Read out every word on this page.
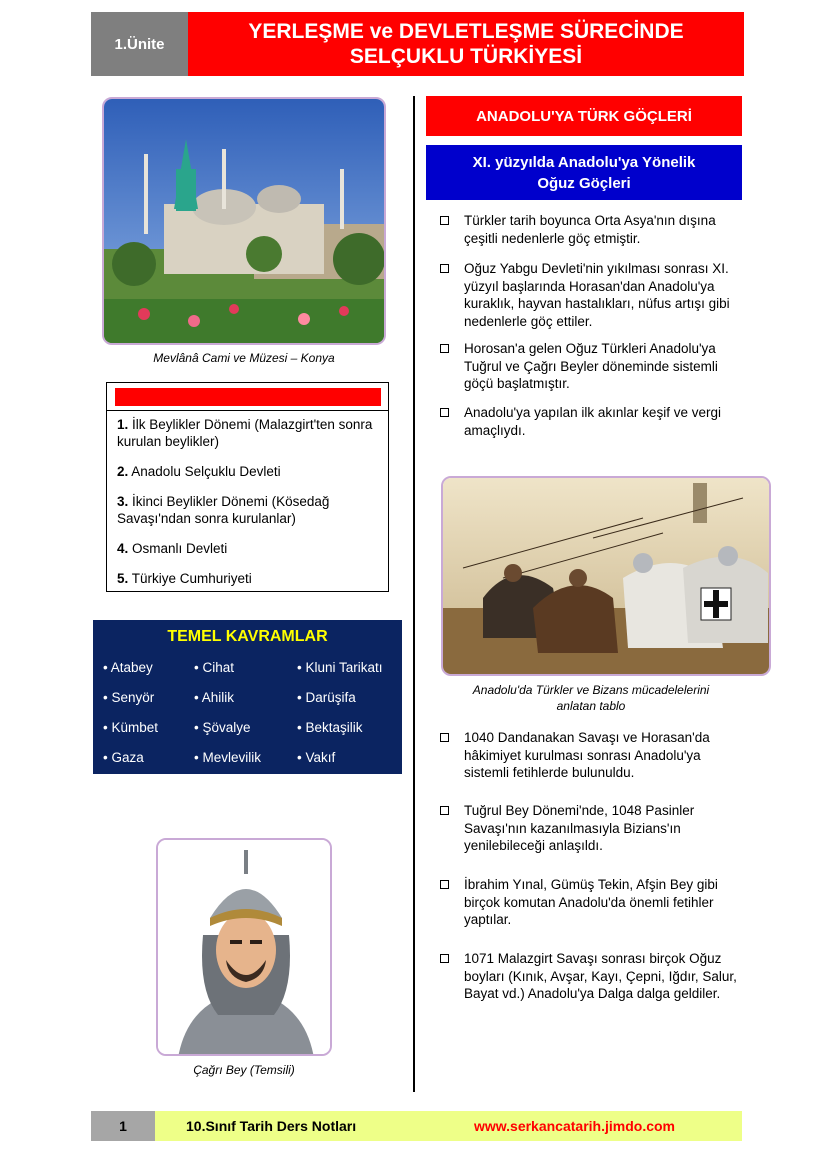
1.Ünite
YERLEŞME ve DEVLETLEŞME SÜRECİNDE
SELÇUKLU TÜRKİYESİ
Mevlânâ Cami ve Müzesi – Konya
1. İlk Beylikler Dönemi (Malazgirt'ten sonra kurulan beylikler)
2. Anadolu Selçuklu Devleti
3. İkinci Beylikler Dönemi (Kösedağ Savaşı'ndan sonra kurulanlar)
4. Osmanlı Devleti
5. Türkiye Cumhuriyeti
TEMEL KAVRAMLAR
• Atabey
• Senyör
• Kümbet
• Gaza
• Cihat
• Ahilik
• Şövalye
• Mevlevilik
• Kluni Tarikatı
• Darüşifa
• Bektaşilik
• Vakıf
Çağrı Bey (Temsili)
ANADOLU'YA TÜRK GÖÇLERİ
XI. yüzyılda Anadolu'ya Yönelik
Oğuz Göçleri
Türkler tarih boyunca Orta Asya'nın dışına çeşitli nedenlerle göç etmiştir.
Oğuz Yabgu Devleti'nin yıkılması sonrası XI. yüzyıl başlarında Horasan'dan Anadolu'ya kuraklık, hayvan hastalıkları, nüfus artışı gibi nedenlerle göç ettiler.
Horosan'a gelen Oğuz Türkleri Anadolu'ya Tuğrul ve Çağrı Beyler döneminde sistemli göçü başlatmıştır.
Anadolu'ya yapılan ilk akınlar keşif ve vergi amaçlıydı.
Anadolu'da Türkler ve Bizans mücadelelerini
anlatan tablo
1040 Dandanakan Savaşı ve Horasan'da hâkimiyet kurulması sonrası Anadolu'ya sistemli fetihlerde bulunuldu.
Tuğrul Bey Dönemi'nde, 1048 Pasinler Savaşı'nın kazanılmasıyla Bizians'ın yenilebileceği anlaşıldı.
İbrahim Yınal, Gümüş Tekin, Afşin Bey gibi birçok komutan Anadolu'da önemli fetihler yaptılar.
1071 Malazgirt Savaşı sonrası birçok Oğuz boyları (Kınık, Avşar, Kayı, Çepni, Iğdır, Salur, Bayat vd.) Anadolu'ya Dalga dalga geldiler.
1	10.Sınıf Tarih Ders Notları	www.serkancatarih.jimdo.com
